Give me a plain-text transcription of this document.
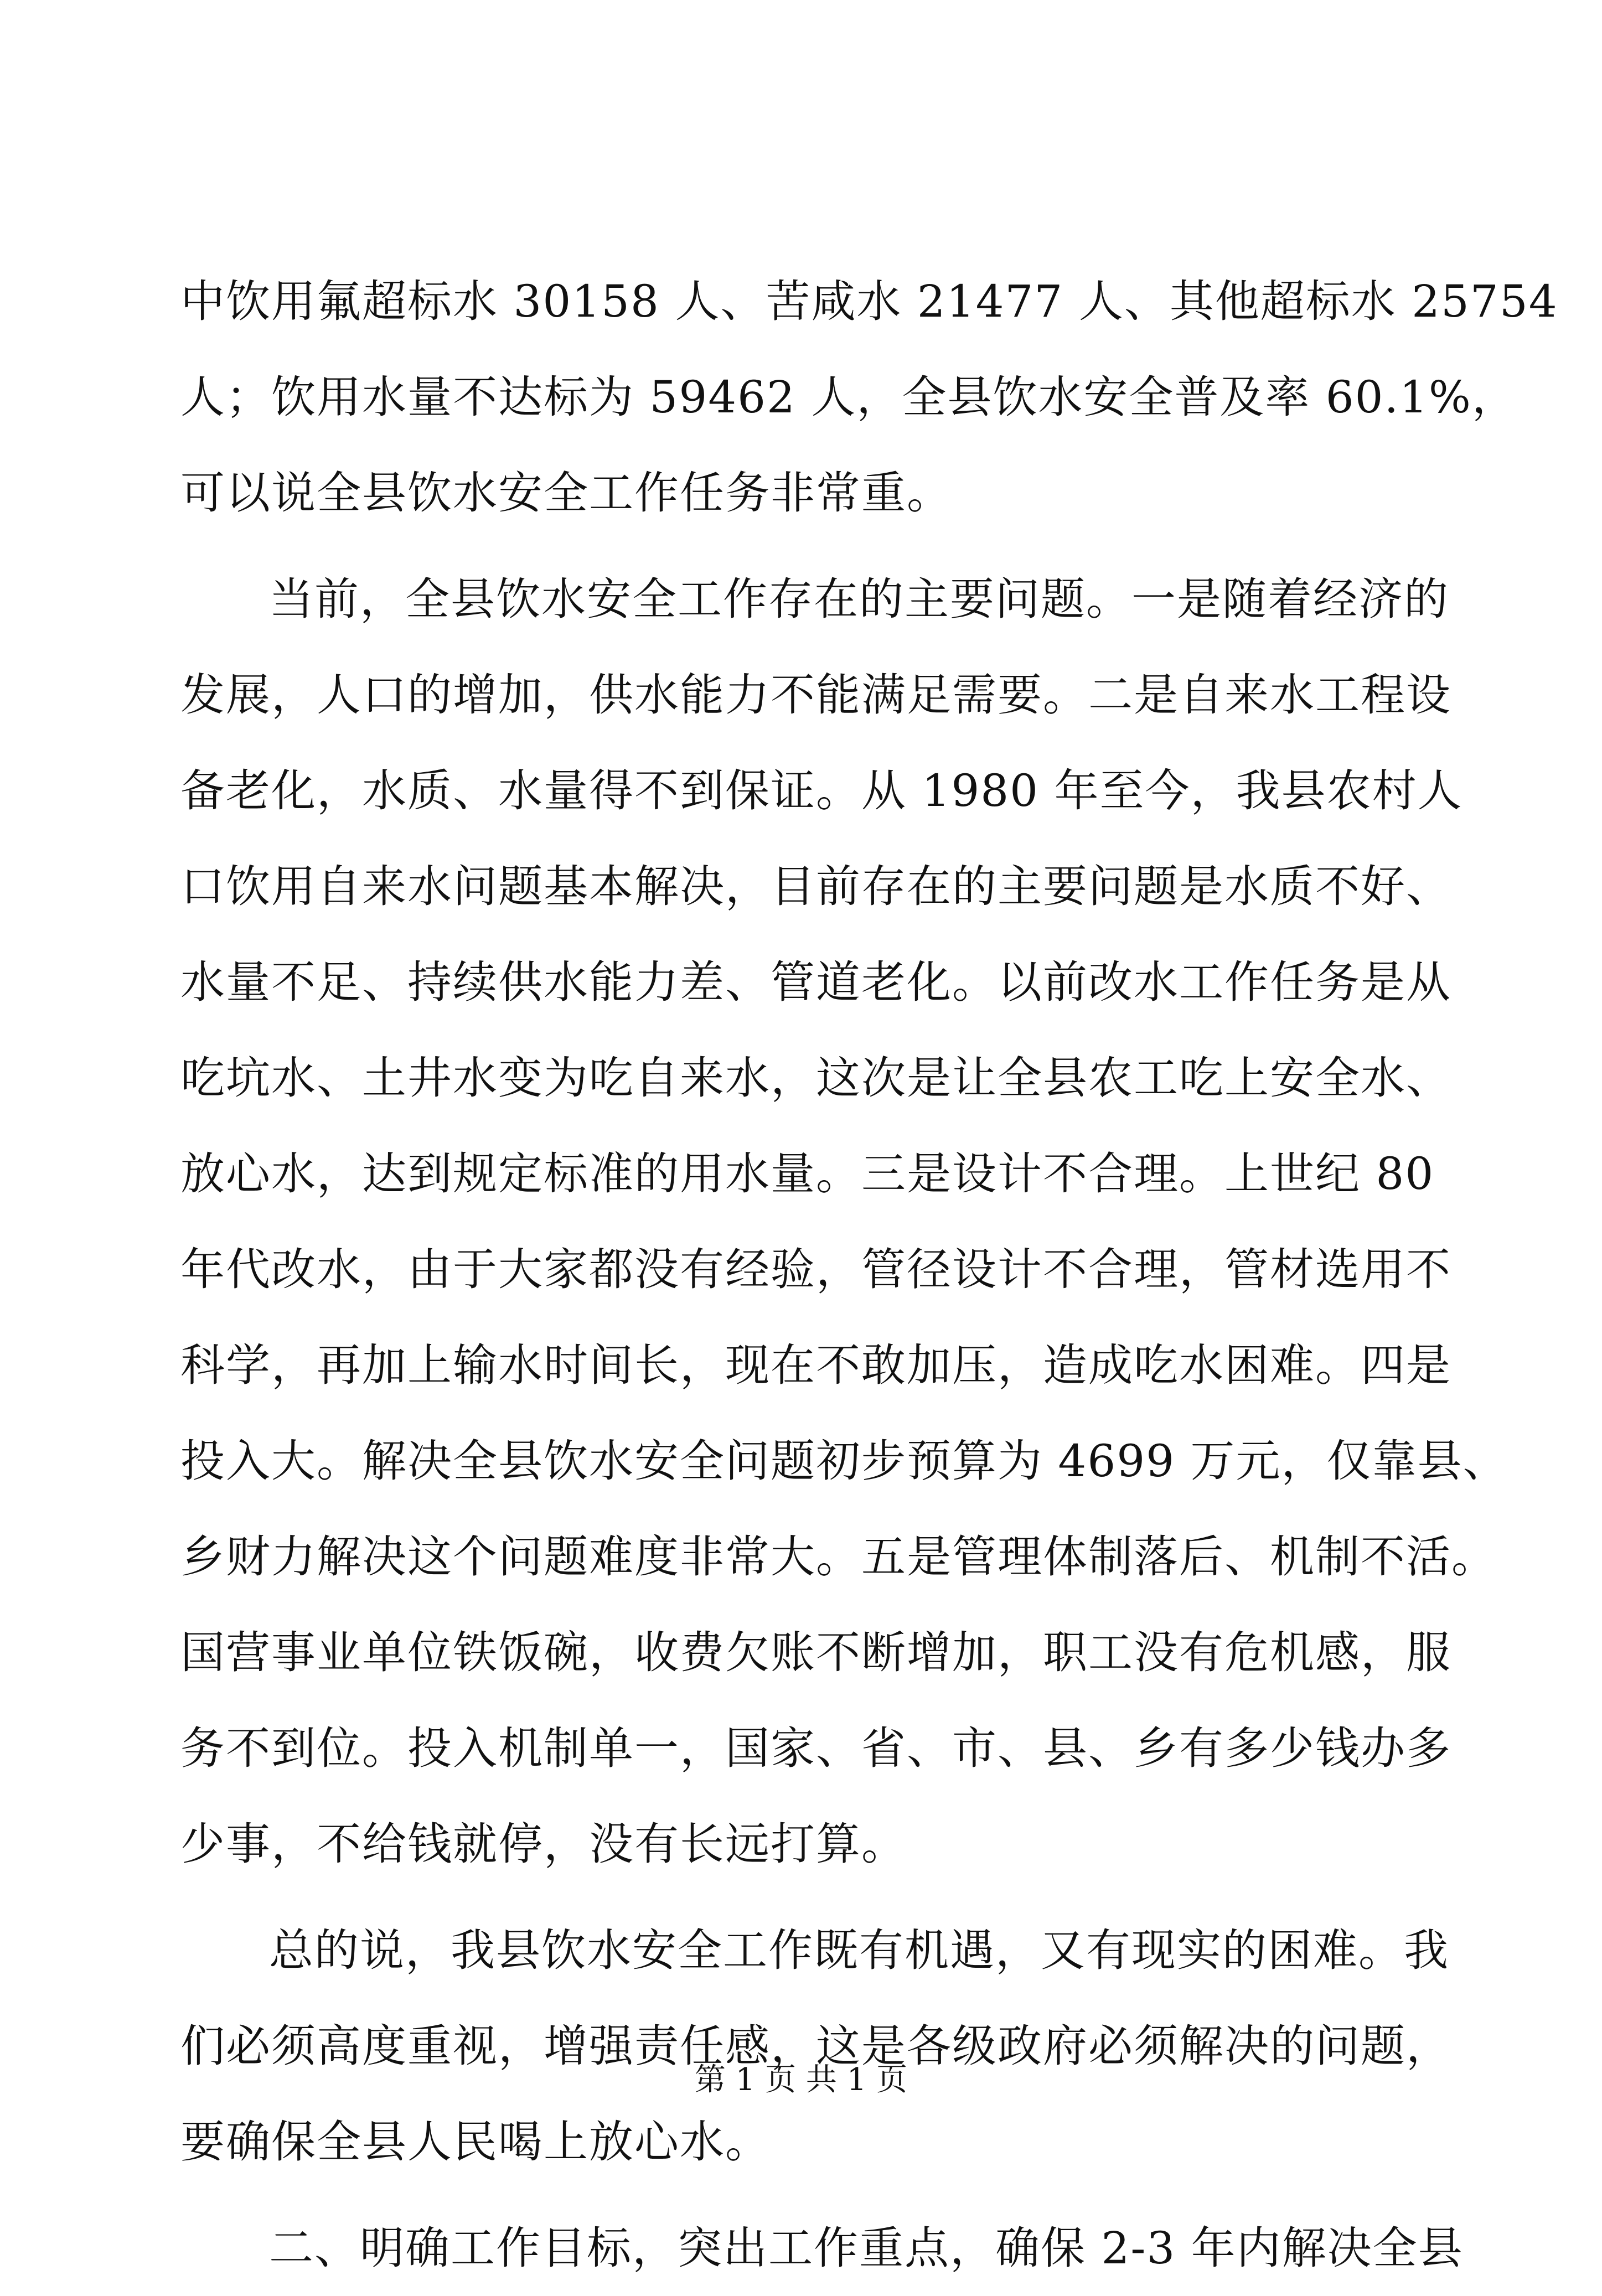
中饮用氟超标水 30158 人、苦咸水 21477 人、其他超标水 25754
人；饮用水量不达标为 59462 人，全县饮水安全普及率 60.1%，
可以说全县饮水安全工作任务非常重。
当前，全县饮水安全工作存在的主要问题。一是随着经济的
发展，人口的增加，供水能力不能满足需要。二是自来水工程设
备老化，水质、水量得不到保证。从 1980 年至今，我县农村人
口饮用自来水问题基本解决，目前存在的主要问题是水质不好、
水量不足、持续供水能力差、管道老化。以前改水工作任务是从
吃坑水、土井水变为吃自来水，这次是让全县农工吃上安全水、
放心水，达到规定标准的用水量。三是设计不合理。上世纪 80
年代改水，由于大家都没有经验，管径设计不合理，管材选用不
科学，再加上输水时间长，现在不敢加压，造成吃水困难。四是
投入大。解决全县饮水安全问题初步预算为 4699 万元，仅靠县、
乡财力解决这个问题难度非常大。五是管理体制落后、机制不活。
国营事业单位铁饭碗，收费欠账不断增加，职工没有危机感，服
务不到位。投入机制单一，国家、省、市、县、乡有多少钱办多
少事，不给钱就停，没有长远打算。
总的说，我县饮水安全工作既有机遇，又有现实的困难。我
们必须高度重视，增强责任感，这是各级政府必须解决的问题，
要确保全县人民喝上放心水。
二、明确工作目标，突出工作重点，确保 2-3 年内解决全县
第 1 页 共 1 页
